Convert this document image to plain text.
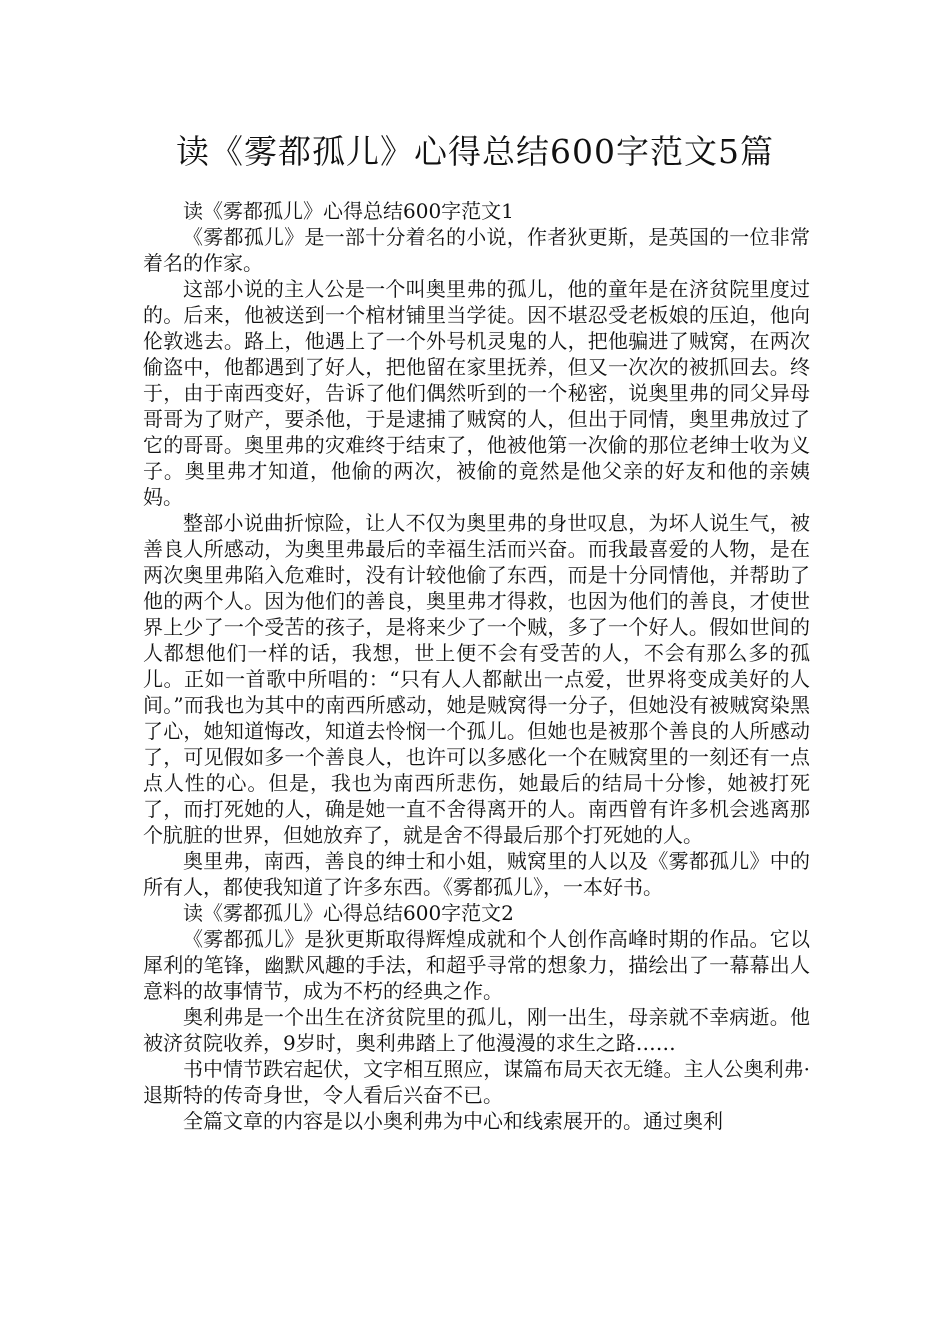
读《雾都孤儿》心得总结600字范文5篇

读《雾都孤儿》心得总结600字范文1

《雾都孤儿》是一部十分着名的小说，作者狄更斯，是英国的一位非常着名的作家。

这部小说的主人公是一个叫奥里弗的孤儿，他的童年是在济贫院里度过的。后来，他被送到一个棺材铺里当学徒。因不堪忍受老板娘的压迫，他向伦敦逃去。路上，他遇上了一个外号机灵鬼的人，把他骗进了贼窝，在两次偷盗中，他都遇到了好人，把他留在家里抚养，但又一次次的被抓回去。终于，由于南西变好，告诉了他们偶然听到的一个秘密，说奥里弗的同父异母哥哥为了财产，要杀他，于是逮捕了贼窝的人，但出于同情，奥里弗放过了它的哥哥。奥里弗的灾难终于结束了，他被他第一次偷的那位老绅士收为义子。奥里弗才知道，他偷的两次，被偷的竟然是他父亲的好友和他的亲姨妈。

整部小说曲折惊险，让人不仅为奥里弗的身世叹息，为坏人说生气，被善良人所感动，为奥里弗最后的幸福生活而兴奋。而我最喜爱的人物，是在两次奥里弗陷入危难时，没有计较他偷了东西，而是十分同情他，并帮助了他的两个人。因为他们的善良，奥里弗才得救，也因为他们的善良，才使世界上少了一个受苦的孩子，是将来少了一个贼，多了一个好人。假如世间的人都想他们一样的话，我想，世上便不会有受苦的人，不会有那么多的孤儿。正如一首歌中所唱的：“只有人人都献出一点爱，世界将变成美好的人间。”而我也为其中的南西所感动，她是贼窝得一分子，但她没有被贼窝染黑了心，她知道悔改，知道去怜悯一个孤儿。但她也是被那个善良的人所感动了，可见假如多一个善良人，也许可以多感化一个在贼窝里的一刻还有一点点人性的心。但是，我也为南西所悲伤，她最后的结局十分惨，她被打死了，而打死她的人，确是她一直不舍得离开的人。南西曾有许多机会逃离那个肮脏的世界，但她放弃了，就是舍不得最后那个打死她的人。

奥里弗，南西，善良的绅士和小姐，贼窝里的人以及《雾都孤儿》中的所有人，都使我知道了许多东西。《雾都孤儿》，一本好书。

读《雾都孤儿》心得总结600字范文2

《雾都孤儿》是狄更斯取得辉煌成就和个人创作高峰时期的作品。它以犀利的笔锋，幽默风趣的手法，和超乎寻常的想象力，描绘出了一幕幕出人意料的故事情节，成为不朽的经典之作。

奥利弗是一个出生在济贫院里的孤儿，刚一出生，母亲就不幸病逝。他被济贫院收养，9岁时，奥利弗踏上了他漫漫的求生之路……

书中情节跌宕起伏，文字相互照应，谋篇布局天衣无缝。主人公奥利弗·退斯特的传奇身世，令人看后兴奋不已。

全篇文章的内容是以小奥利弗为中心和线索展开的。通过奥利
